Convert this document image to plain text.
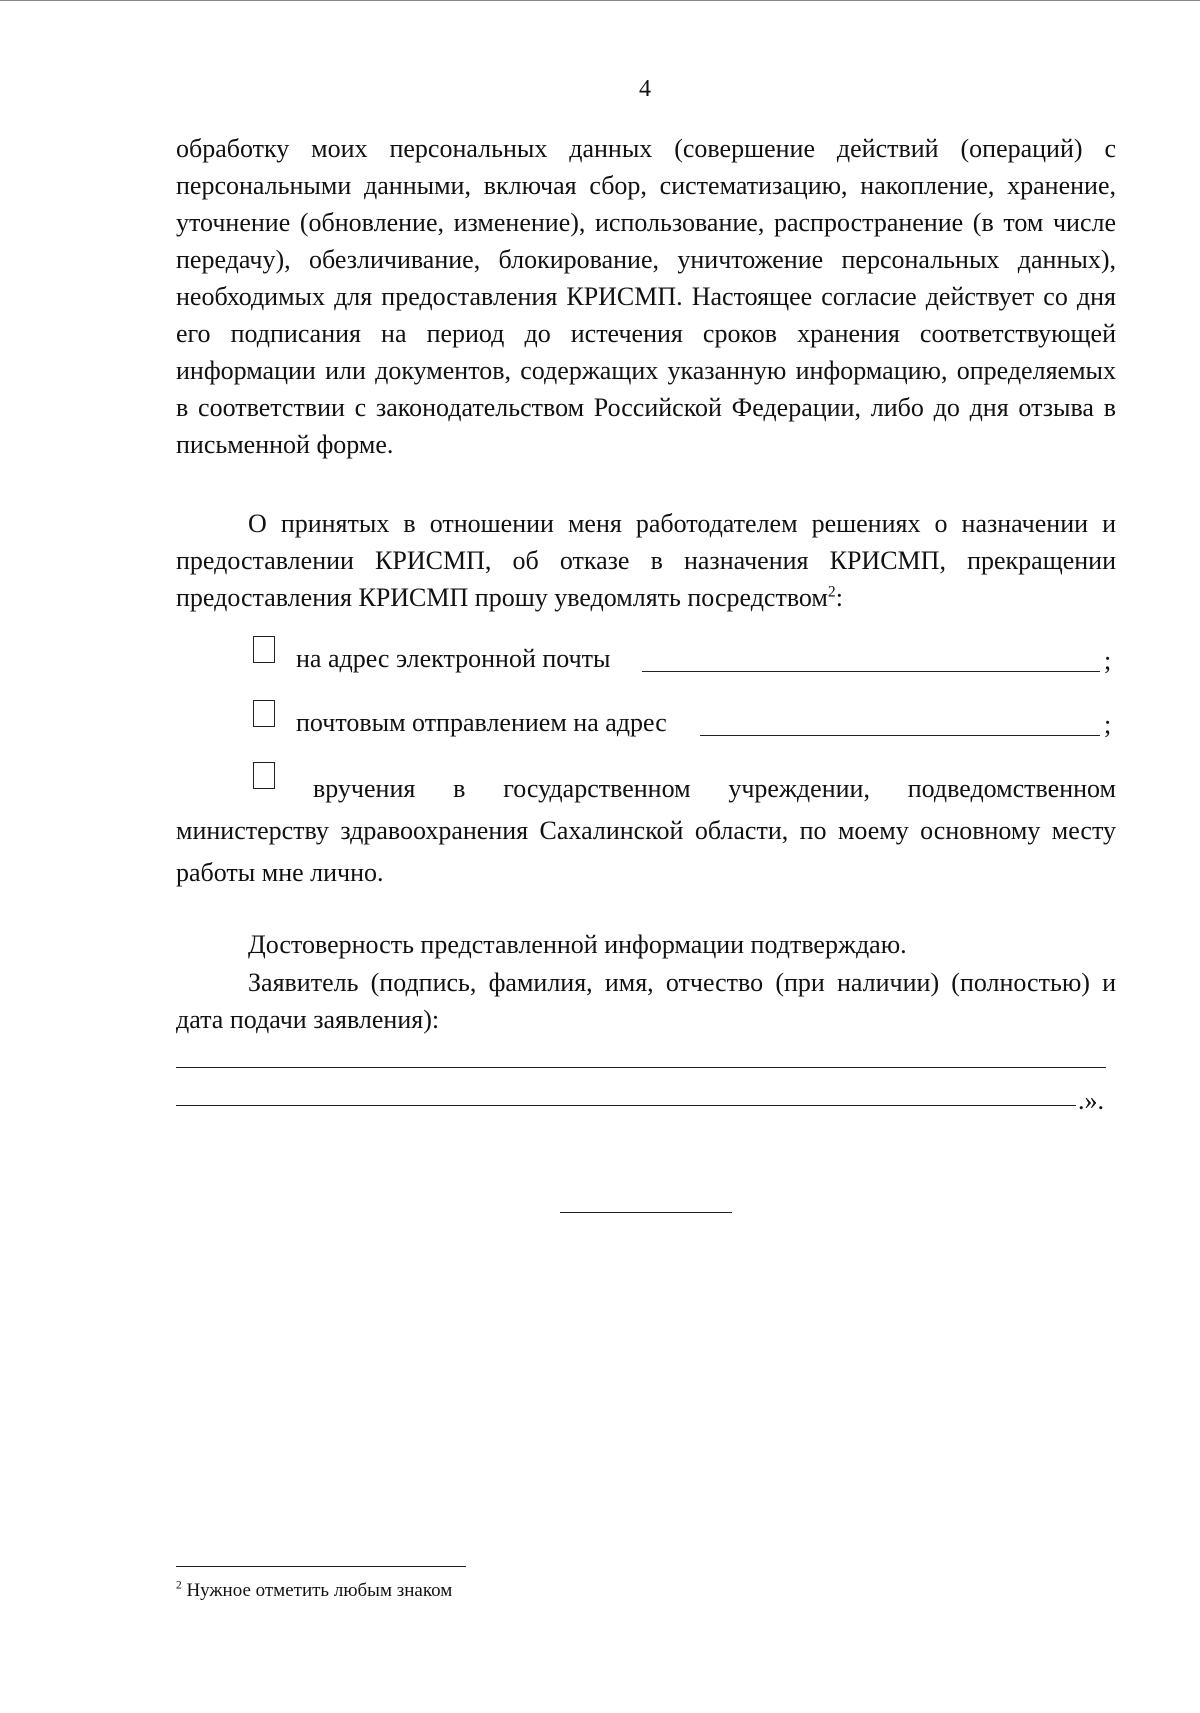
4
обработку моих персональных данных (совершение действий (операций) с персональными данными, включая сбор, систематизацию, накопление, хранение, уточнение (обновление, изменение), использование, распространение (в том числе передачу), обезличивание, блокирование, уничтожение персональных данных), необходимых для предоставления КРИСМП. Настоящее согласие действует со дня его подписания на период до истечения сроков хранения соответствующей информации или документов, содержащих указанную информацию, определяемых в соответствии с законодательством Российской Федерации, либо до дня отзыва в письменной форме.
О принятых в отношении меня работодателем решениях о назначении и предоставлении КРИСМП, об отказе в назначения КРИСМП, прекращении предоставления КРИСМП прошу уведомлять посредством$^2$:
на адрес электронной почты	;
почтовым отправлением на адрес	;
вручения в государственном учреждении, подведомственном министерству здравоохранения Сахалинской области, по моему основному месту работы мне лично.
Достоверность представленной информации подтверждаю.
Заявитель (подпись, фамилия, имя, отчество (при наличии) (полностью) и дата подачи заявления):
.».
$^2$ Нужное отметить любым знаком
